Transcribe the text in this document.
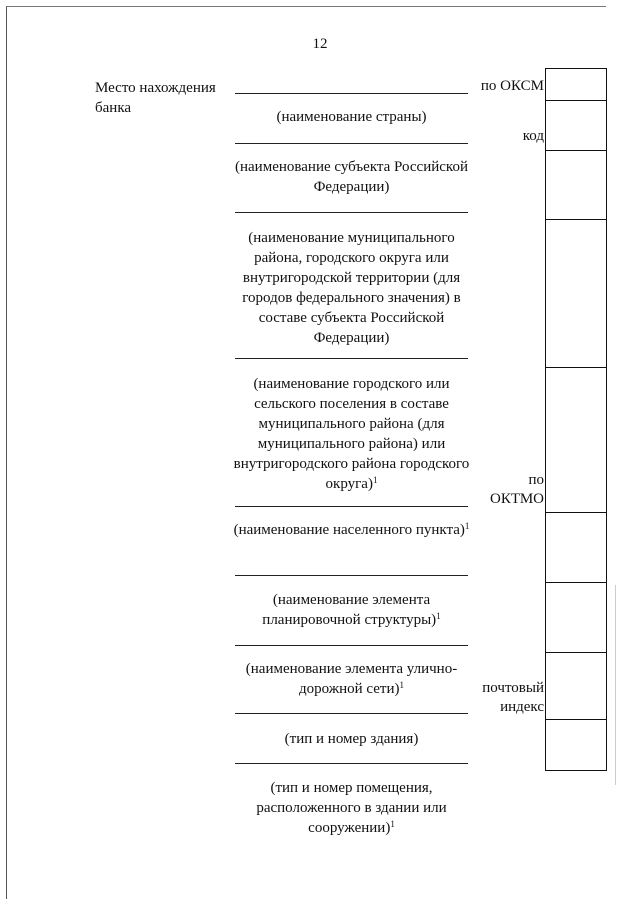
12
Место нахождения банка
(наименование страны)
(наименование субъекта Российской Федерации)
(наименование муниципального района, городского округа или внутригородской территории (для городов федерального значения) в составе субъекта Российской Федерации)
(наименование городского или сельского поселения в составе муниципального района (для муниципального района) или внутригородского района городского округа)$^1$
(наименование населенного пункта)$^1$
(наименование элемента планировочной структуры)$^1$
(наименование элемента улично-дорожной сети)$^1$
(тип и номер здания)
(тип и номер помещения, расположенного в здании или сооружении)$^1$
по ОКСМ
код
по
ОКТМО
почтовый
индекс
